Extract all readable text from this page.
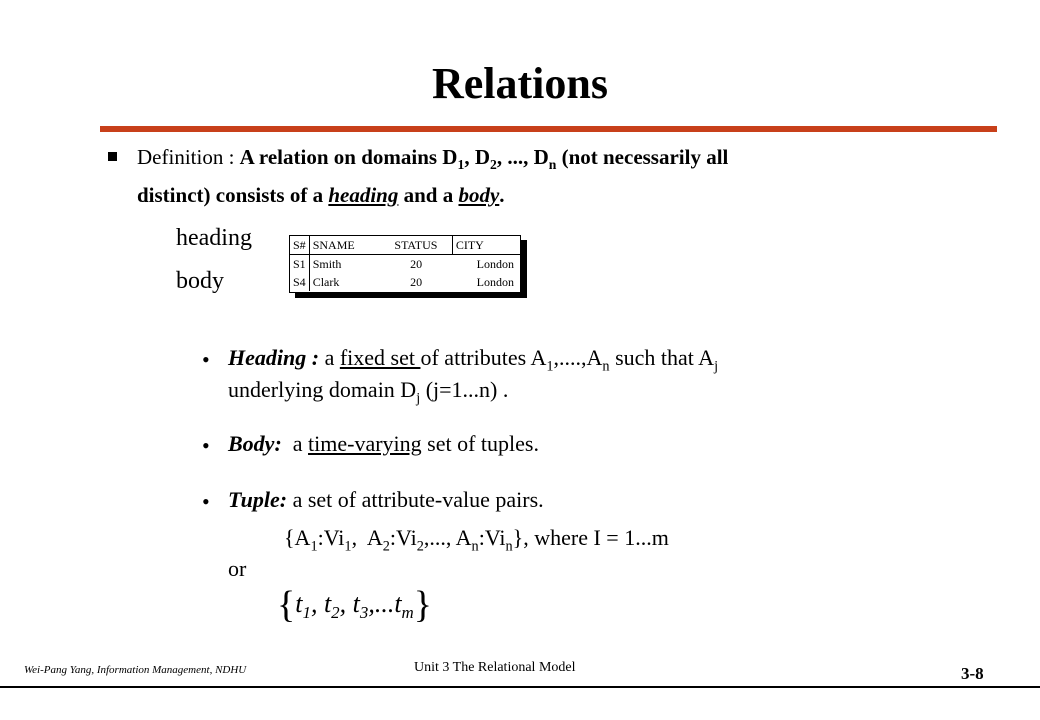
Relations
Definition : A relation on domains $D_1$, $D_2$, ..., $D_n$ (not necessarily all
distinct) consists of a heading and a body.
heading
body
S#	SNAME	STATUS	CITY
S1	Smith	20	London
S4	Clark	20	London
• Heading : a fixed set of attributes $A_1,....,A_n$ such that $A_j$
underlying domain $D_j$ (j=1...n) .
• Body:  a time-varying set of tuples.
• Tuple: a set of attribute-value pairs.
{$A_1:Vi_1$,  $A_2:Vi_2$,..., $A_n:Vi_n$}, where I = 1...m
or
{$t_1$, $t_2$, $t_3,...t_m$}
Wei-Pang Yang, Information Management, NDHU	Unit 3 The Relational Model	3-8
